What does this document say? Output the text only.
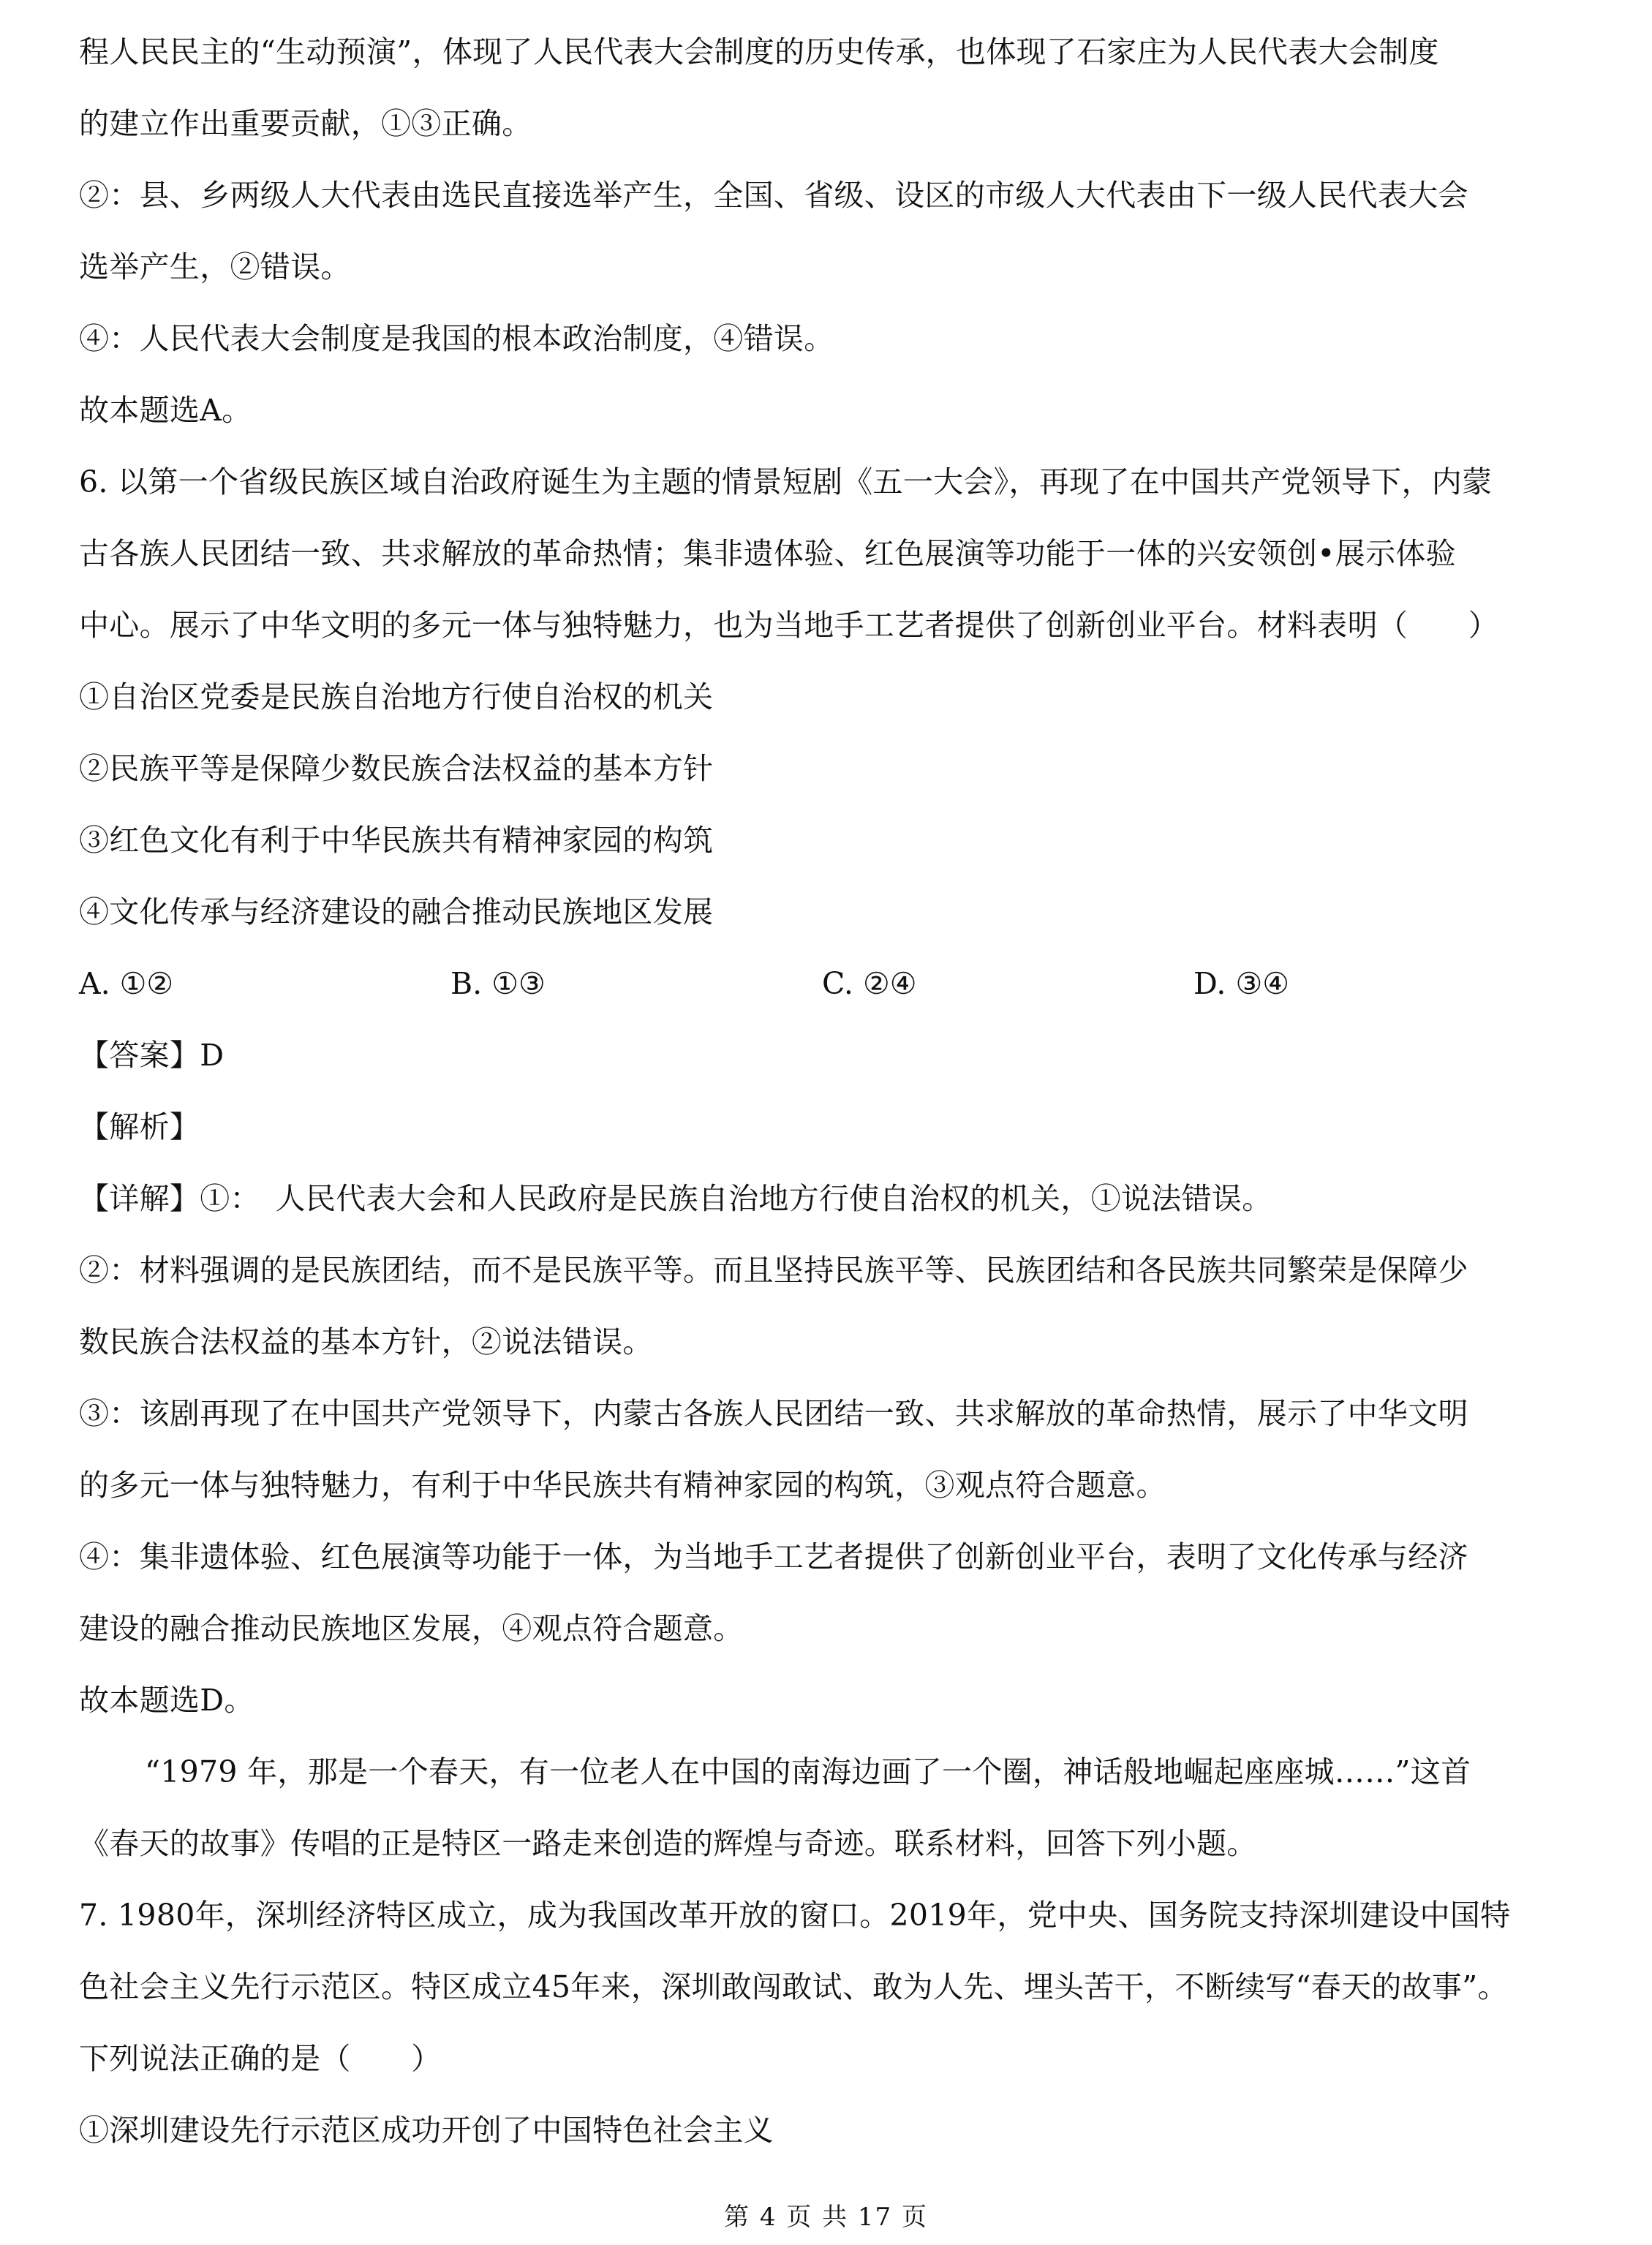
程人民民主的“生动预演”，体现了人民代表大会制度的历史传承，也体现了石家庄为人民代表大会制度
的建立作出重要贡献，①③正确。
②：县、乡两级人大代表由选民直接选举产生，全国、省级、设区的市级人大代表由下一级人民代表大会
选举产生，②错误。
④：人民代表大会制度是我国的根本政治制度，④错误。
故本题选A。
6. 以第一个省级民族区域自治政府诞生为主题的情景短剧《五一大会》，再现了在中国共产党领导下，内蒙
古各族人民团结一致、共求解放的革命热情；集非遗体验、红色展演等功能于一体的兴安领创•展示体验
中心。展示了中华文明的多元一体与独特魅力，也为当地手工艺者提供了创新创业平台。材料表明（　　）
①自治区党委是民族自治地方行使自治权的机关
②民族平等是保障少数民族合法权益的基本方针
③红色文化有利于中华民族共有精神家园的构筑
④文化传承与经济建设的融合推动民族地区发展
A. ①②	B. ①③	C. ②④	D. ③④
【答案】D
【解析】
【详解】①：　人民代表大会和人民政府是民族自治地方行使自治权的机关，①说法错误。
②：材料强调的是民族团结，而不是民族平等。而且坚持民族平等、民族团结和各民族共同繁荣是保障少
数民族合法权益的基本方针，②说法错误。
③：该剧再现了在中国共产党领导下，内蒙古各族人民团结一致、共求解放的革命热情，展示了中华文明
的多元一体与独特魅力，有利于中华民族共有精神家园的构筑，③观点符合题意。
④：集非遗体验、红色展演等功能于一体，为当地手工艺者提供了创新创业平台，表明了文化传承与经济
建设的融合推动民族地区发展，④观点符合题意。
故本题选D。
“1979 年，那是一个春天，有一位老人在中国的南海边画了一个圈，神话般地崛起座座城……”这首
《春天的故事》传唱的正是特区一路走来创造的辉煌与奇迹。联系材料，回答下列小题。
7. 1980年，深圳经济特区成立，成为我国改革开放的窗口。2019年，党中央、国务院支持深圳建设中国特
色社会主义先行示范区。特区成立45年来，深圳敢闯敢试、敢为人先、埋头苦干，不断续写“春天的故事”。
下列说法正确的是（　　）
①深圳建设先行示范区成功开创了中国特色社会主义
第 4 页 共 17 页
